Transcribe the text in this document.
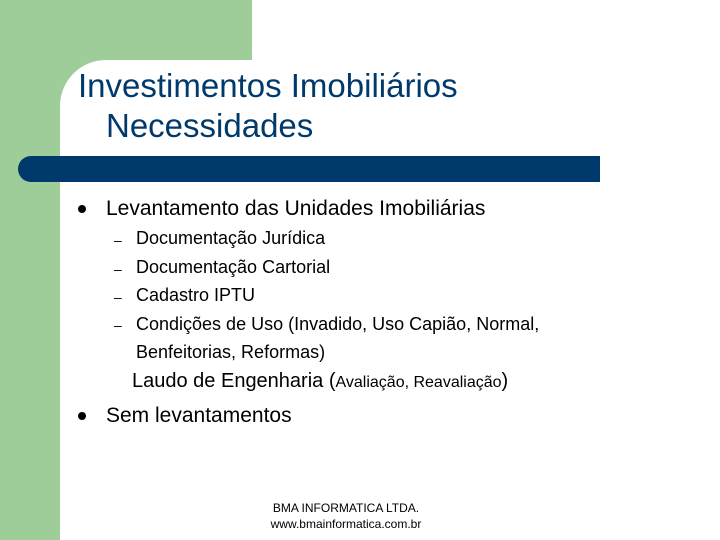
Investimentos Imobiliários
Necessidades
Levantamento das Unidades Imobiliárias
– Documentação Jurídica
– Documentação Cartorial
– Cadastro IPTU
– Condições de Uso (Invadido, Uso Capião, Normal, Benfeitorias, Reformas)
Laudo de Engenharia (Avaliação, Reavaliação)
Sem levantamentos
BMA INFORMATICA LTDA.
www.bmainformatica.com.br
